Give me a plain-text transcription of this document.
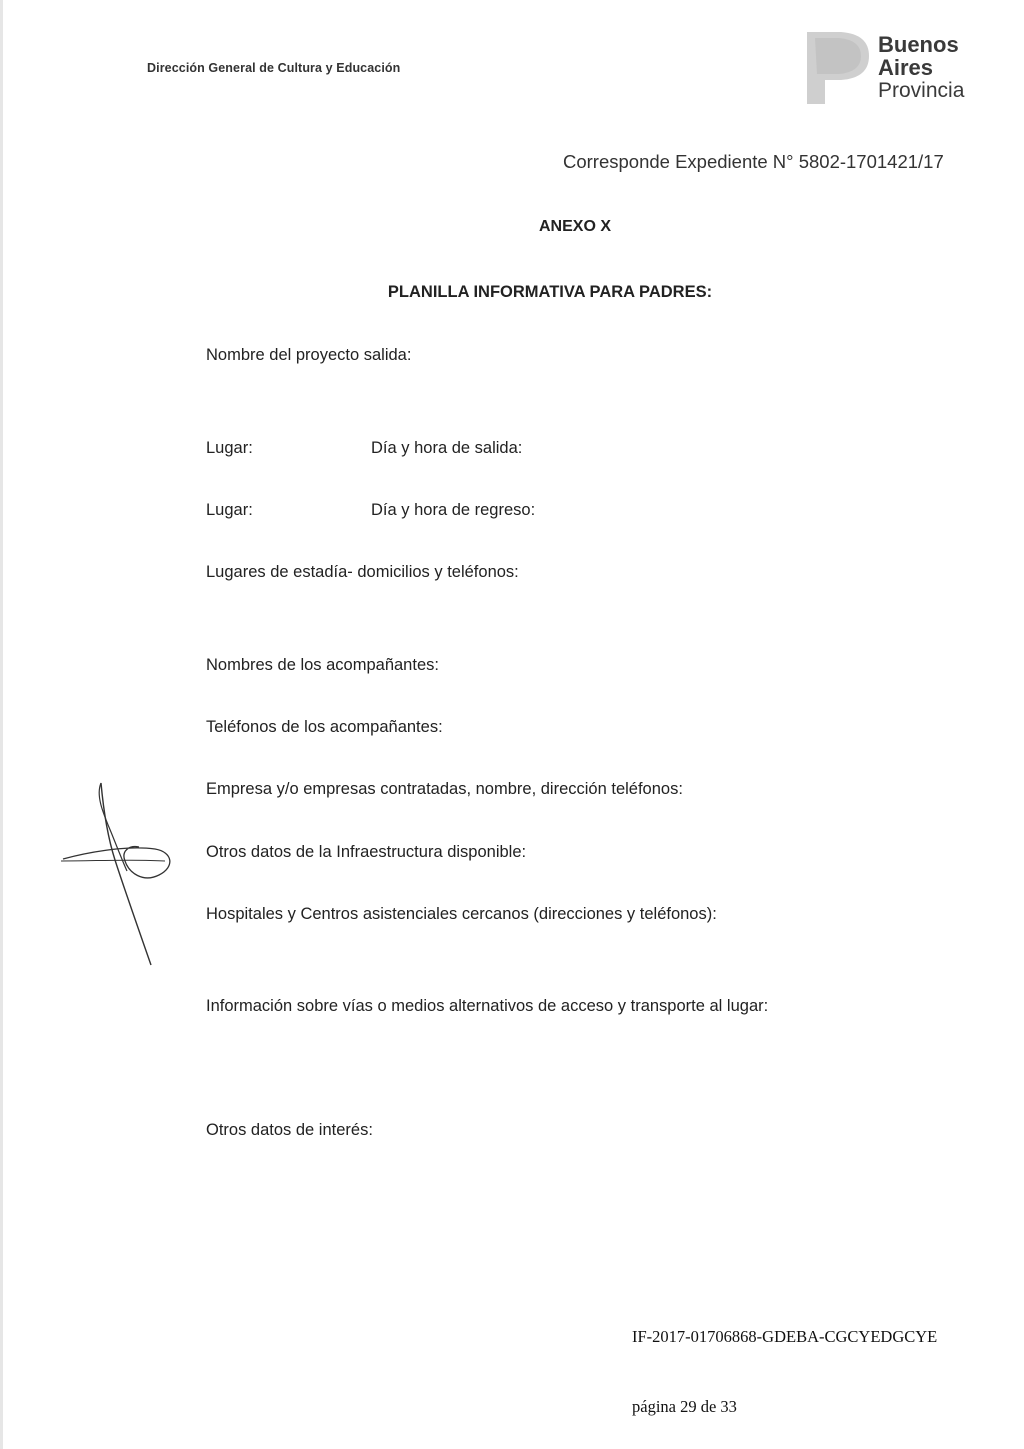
Dirección General de Cultura y Educación
Buenos
Aires
Provincia
Corresponde Expediente N° 5802-1701421/17
ANEXO X
PLANILLA INFORMATIVA PARA PADRES:
Nombre del proyecto salida:
Lugar:	Día y hora de salida:
Lugar:	Día y hora de regreso:
Lugares de estadía- domicilios y teléfonos:
Nombres de los acompañantes:
Teléfonos de los acompañantes:
Empresa y/o empresas contratadas, nombre, dirección teléfonos:
Otros datos de la Infraestructura disponible:
Hospitales y Centros asistenciales cercanos (direcciones y teléfonos):
Información sobre vías o medios alternativos de acceso y transporte al lugar:
Otros datos de interés:
IF-2017-01706868-GDEBA-CGCYEDGCYE
página 29 de 33
